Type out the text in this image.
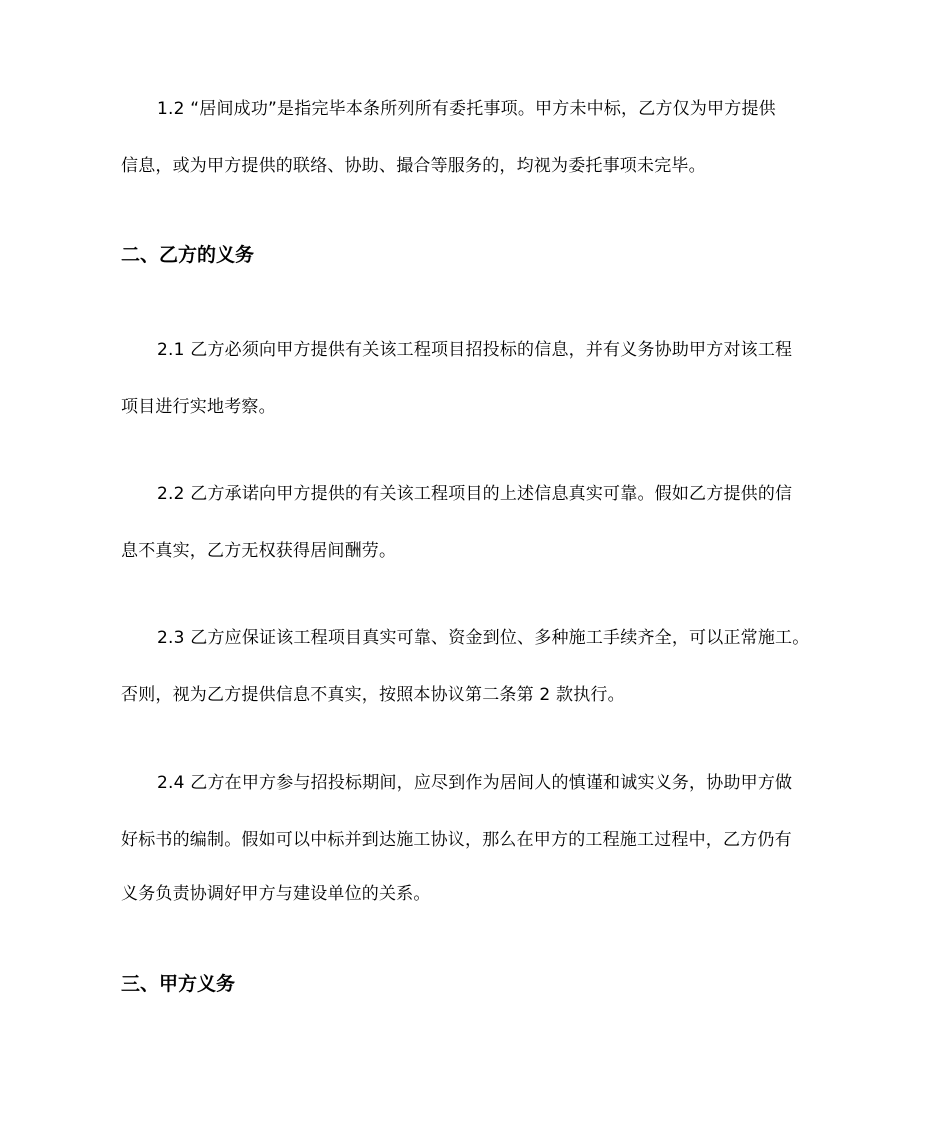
1.2 “居间成功”是指完毕本条所列所有委托事项。甲方未中标，乙方仅为甲方提供
信息，或为甲方提供的联络、协助、撮合等服务的，均视为委托事项未完毕。
二、乙方的义务
2.1 乙方必须向甲方提供有关该工程项目招投标的信息，并有义务协助甲方对该工程
项目进行实地考察。
2.2 乙方承诺向甲方提供的有关该工程项目的上述信息真实可靠。假如乙方提供的信
息不真实，乙方无权获得居间酬劳。
2.3 乙方应保证该工程项目真实可靠、资金到位、多种施工手续齐全，可以正常施工。
否则，视为乙方提供信息不真实，按照本协议第二条第 2 款执行。
2.4 乙方在甲方参与招投标期间，应尽到作为居间人的慎谨和诚实义务，协助甲方做
好标书的编制。假如可以中标并到达施工协议，那么在甲方的工程施工过程中，乙方仍有
义务负责协调好甲方与建设单位的关系。
三、甲方义务
